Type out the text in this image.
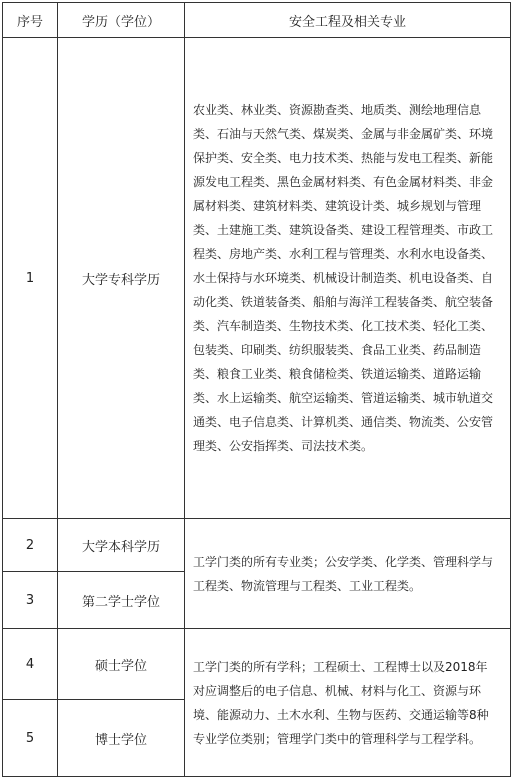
序号	学历（学位）	安全工程及相关专业
1	大学专科学历	农业类、林业类、资源勘查类、地质类、测绘地理信息类、石油与天然气类、煤炭类、金属与非金属矿类、环境保护类、安全类、电力技术类、热能与发电工程类、新能源发电工程类、黑色金属材料类、有色金属材料类、非金属材料类、建筑材料类、建筑设计类、城乡规划与管理类、土建施工类、建筑设备类、建设工程管理类、市政工程类、房地产类、水利工程与管理类、水利水电设备类、水土保持与水环境类、机械设计制造类、机电设备类、自动化类、铁道装备类、船舶与海洋工程装备类、航空装备类、汽车制造类、生物技术类、化工技术类、轻化工类、包装类、印刷类、纺织服装类、食品工业类、药品制造类、粮食工业类、粮食储检类、铁道运输类、道路运输类、水上运输类、航空运输类、管道运输类、城市轨道交通类、电子信息类、计算机类、通信类、物流类、公安管理类、公安指挥类、司法技术类。
2	大学本科学历	工学门类的所有专业类；公安学类、化学类、管理科学与工程类、物流管理与工程类、工业工程类。
3	第二学士学位	
4	硕士学位	工学门类的所有学科；工程硕士、工程博士以及2018年对应调整后的电子信息、机械、材料与化工、资源与环境、能源动力、土木水利、生物与医药、交通运输等8种专业学位类别；管理学门类中的管理科学与工程学科。
5	博士学位	
